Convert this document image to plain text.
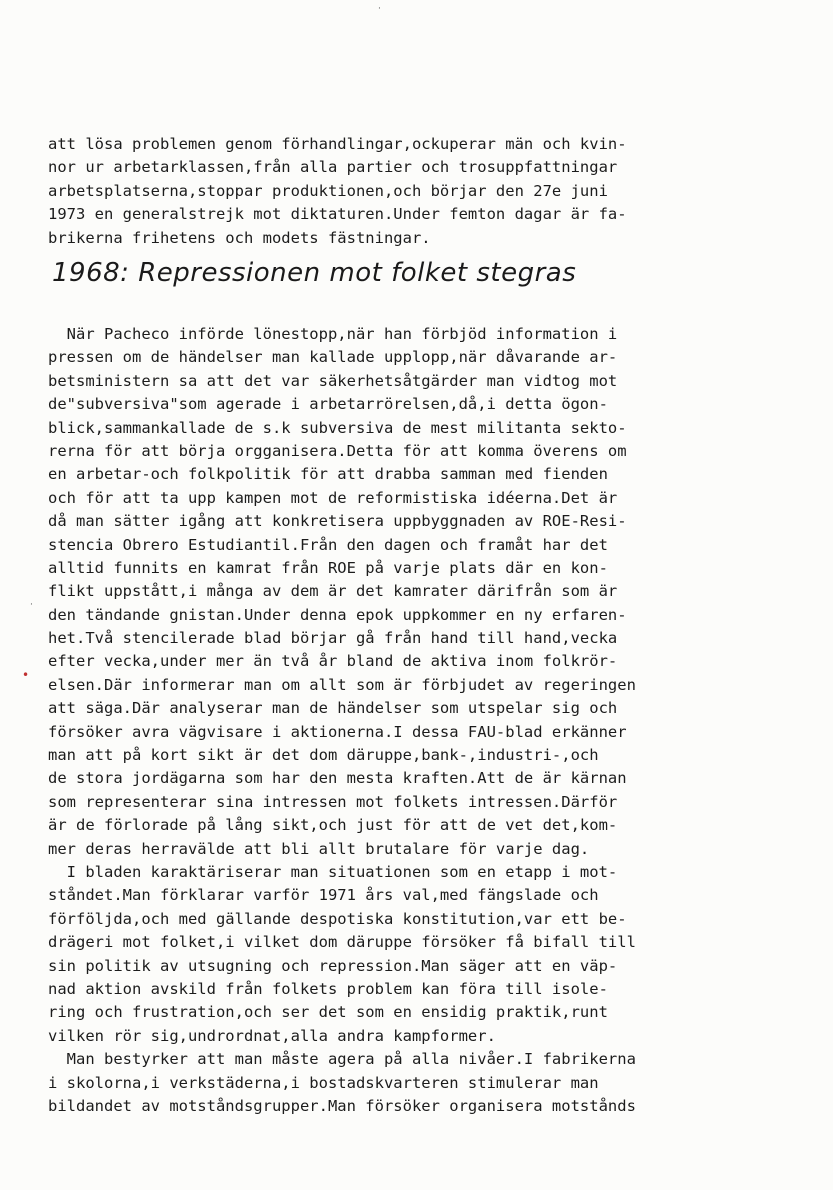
·
·
•
att lösa problemen genom förhandlingar,ockuperar män och kvin-
nor ur arbetarklassen,från alla partier och trosuppfattningar
arbetsplatserna,stoppar produktionen,och börjar den 27e juni
1973 en generalstrejk mot diktaturen.Under femton dagar är fa-
brikerna frihetens och modets fästningar.
1968: Repressionen mot folket stegras
När Pacheco införde lönestopp,när han förbjöd information i
pressen om de händelser man kallade upplopp,när dåvarande ar-
betsministern sa att det var säkerhetsåtgärder man vidtog mot
de"subversiva"som agerade i arbetarrörelsen,då,i detta ögon-
blick,sammankallade de s.k subversiva de mest militanta sekto-
rerna för att börja orgganisera.Detta för att komma överens om
en arbetar-och folkpolitik för att drabba samman med fienden
och för att ta upp kampen mot de reformistiska idéerna.Det är
då man sätter igång att konkretisera uppbyggnaden av ROE-Resi-
stencia Obrero Estudiantil.Från den dagen och framåt har det
alltid funnits en kamrat från ROE på varje plats där en kon-
flikt uppstått,i många av dem är det kamrater därifrån som är
den tändande gnistan.Under denna epok uppkommer en ny erfaren-
het.Två stencilerade blad börjar gå från hand till hand,vecka
efter vecka,under mer än två år bland de aktiva inom folkrör-
elsen.Där informerar man om allt som är förbjudet av regeringen
att säga.Där analyserar man de händelser som utspelar sig och
försöker avra vägvisare i aktionerna.I dessa FAU-blad erkänner
man att på kort sikt är det dom däruppe,bank-,industri-,och
de stora jordägarna som har den mesta kraften.Att de är kärnan
som representerar sina intressen mot folkets intressen.Därför
är de förlorade på lång sikt,och just för att de vet det,kom-
mer deras herravälde att bli allt brutalare för varje dag.
I bladen karaktäriserar man situationen som en etapp i mot-
ståndet.Man förklarar varför 1971 års val,med fängslade och
förföljda,och med gällande despotiska konstitution,var ett be-
drägeri mot folket,i vilket dom däruppe försöker få bifall till
sin politik av utsugning och repression.Man säger att en väp-
nad aktion avskild från folkets problem kan föra till isole-
ring och frustration,och ser det som en ensidig praktik,runt
vilken rör sig,undrordnat,alla andra kampformer.
Man bestyrker att man måste agera på alla nivåer.I fabrikerna
i skolorna,i verkstäderna,i bostadskvarteren stimulerar man
bildandet av motståndsgrupper.Man försöker organisera motstånds
